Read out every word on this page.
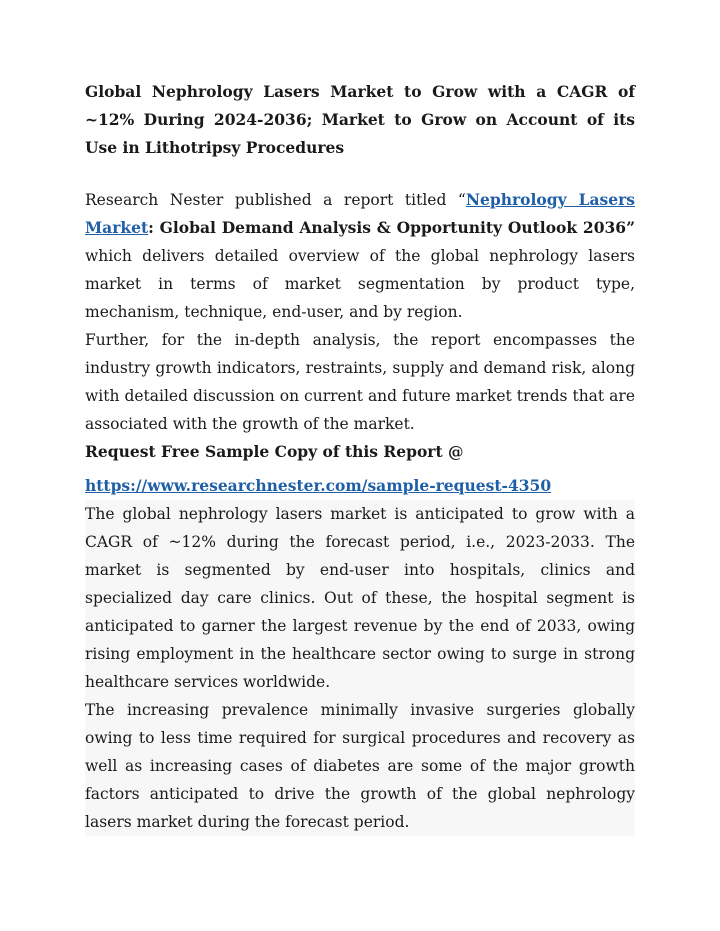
Global Nephrology Lasers Market to Grow with a CAGR of ~12% During 2024-2036; Market to Grow on Account of its Use in Lithotripsy Procedures

Research Nester published a report titled “Nephrology Lasers Market: Global Demand Analysis & Opportunity Outlook 2036” which delivers detailed overview of the global nephrology lasers market in terms of market segmentation by product type, mechanism, technique, end-user, and by region.

Further, for the in-depth analysis, the report encompasses the industry growth indicators, restraints, supply and demand risk, along with detailed discussion on current and future market trends that are associated with the growth of the market.

Request Free Sample Copy of this Report @

https://www.researchnester.com/sample-request-4350

The global nephrology lasers market is anticipated to grow with a CAGR of ~12% during the forecast period, i.e., 2023-2033. The market is segmented by end-user into hospitals, clinics and specialized day care clinics. Out of these, the hospital segment is anticipated to garner the largest revenue by the end of 2033, owing rising employment in the healthcare sector owing to surge in strong healthcare services worldwide.

The increasing prevalence minimally invasive surgeries globally owing to less time required for surgical procedures and recovery as well as increasing cases of diabetes are some of the major growth factors anticipated to drive the growth of the global nephrology lasers market during the forecast period.
